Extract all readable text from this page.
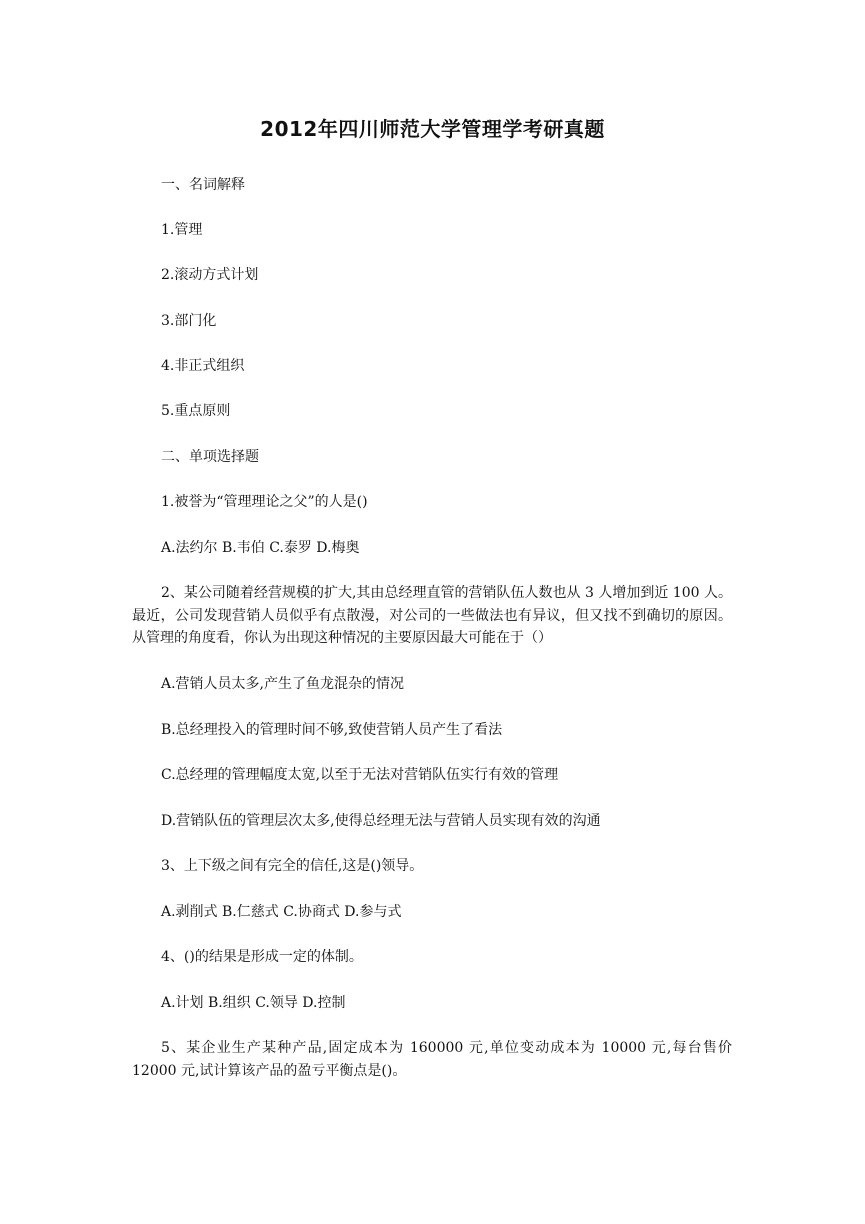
2012年四川师范大学管理学考研真题

一、名词解释

1.管理

2.滚动方式计划

3.部门化

4.非正式组织

5.重点原则

二、单项选择题

1.被誉为“管理理论之父”的人是()

A.法约尔 B.韦伯 C.泰罗 D.梅奥

2、某公司随着经营规模的扩大,其由总经理直管的营销队伍人数也从 3 人增加到近 100 人。最近，公司发现营销人员似乎有点散漫，对公司的一些做法也有异议，但又找不到确切的原因。从管理的角度看，你认为出现这种情况的主要原因最大可能在于（）

A.营销人员太多,产生了鱼龙混杂的情况

B.总经理投入的管理时间不够,致使营销人员产生了看法

C.总经理的管理幅度太宽,以至于无法对营销队伍实行有效的管理

D.营销队伍的管理层次太多,使得总经理无法与营销人员实现有效的沟通

3、上下级之间有完全的信任,这是()领导。

A.剥削式 B.仁慈式 C.协商式 D.参与式

4、()的结果是形成一定的体制。

A.计划 B.组织 C.领导 D.控制

5、某企业生产某种产品,固定成本为 160000 元,单位变动成本为 10000 元,每台售价 12000 元,试计算该产品的盈亏平衡点是()。
